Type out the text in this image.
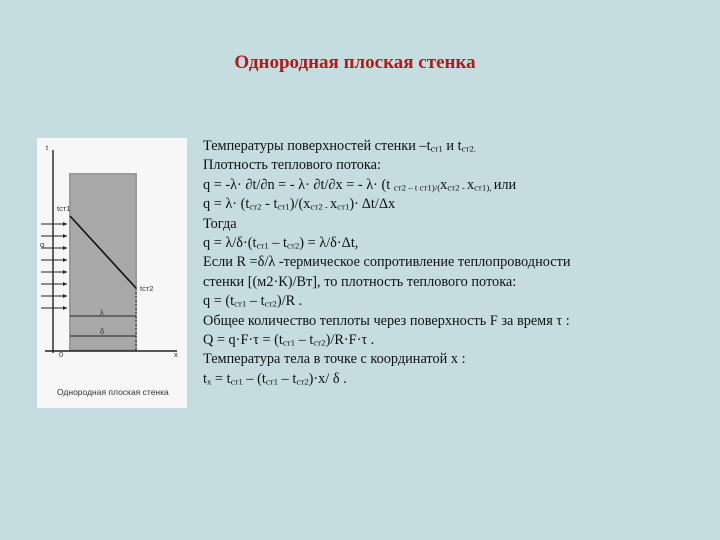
Однородная плоская стенка
t
tст1
tст2
q
λ
δ
0	x
Однородная плоская стенка
Температуры поверхностей стенки $-t_{ст1}$ и $t_{ст2.}$
Плотность теплового потока:
q = -λ· ∂t/∂n = - λ· ∂t/∂x = - λ· (t $_{ст2 - t ст1)/(}x_{ст2 -}$ $x_{ст1),}$ или
$q = \lambda\cdot (t_{ст2} - t_{ст1})/(x_{ст2 -}$ $x_{ст1})\cdot \Delta t/\Delta x$
Тогда
$q = \lambda/\delta\cdot(t_{ст1} - t_{ст2}) = \lambda/\delta\cdot\Delta t$,
Если R =δ/λ -термическое сопротивление теплопроводности
стенки [(м2·К)/Вт], то плотность теплового потока:
$q = (t_{ст1} - t_{ст2})/R$ .
Общее количество теплоты через поверхность F за время τ :
$Q = q\cdot F\cdot\tau = (t_{ст1} - t_{ст2})/R\cdot F\cdot\tau$ .
Температура тела в точке с координатой x :
$t_x = t_{ст1} - (t_{ст1} - t_{ст2})\cdot x/$ δ .
